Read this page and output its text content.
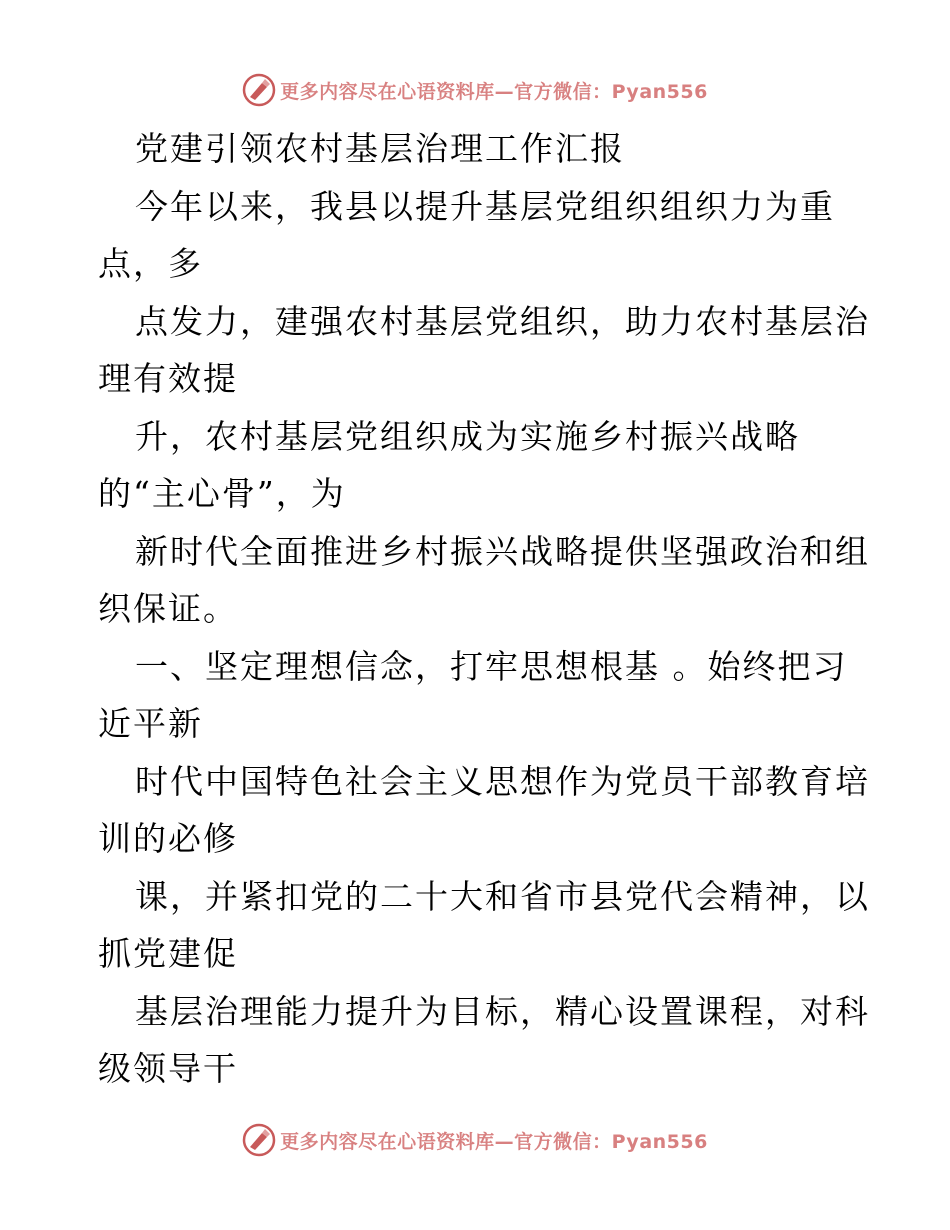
更多内容尽在心语资料库—官方微信：Pyan556
党建引领农村基层治理工作汇报
今年以来，我县以提升基层党组织组织力为重
点，多
点发力，建强农村基层党组织，助力农村基层治
理有效提
升，农村基层党组织成为实施乡村振兴战略
的“主心骨”，为
新时代全面推进乡村振兴战略提供坚强政治和组
织保证。
一、坚定理想信念，打牢思想根基 。始终把习
近平新
时代中国特色社会主义思想作为党员干部教育培
训的必修
课，并紧扣党的二十大和省市县党代会精神，以
抓党建促
基层治理能力提升为目标，精心设置课程，对科
级领导干
更多内容尽在心语资料库—官方微信：Pyan556
